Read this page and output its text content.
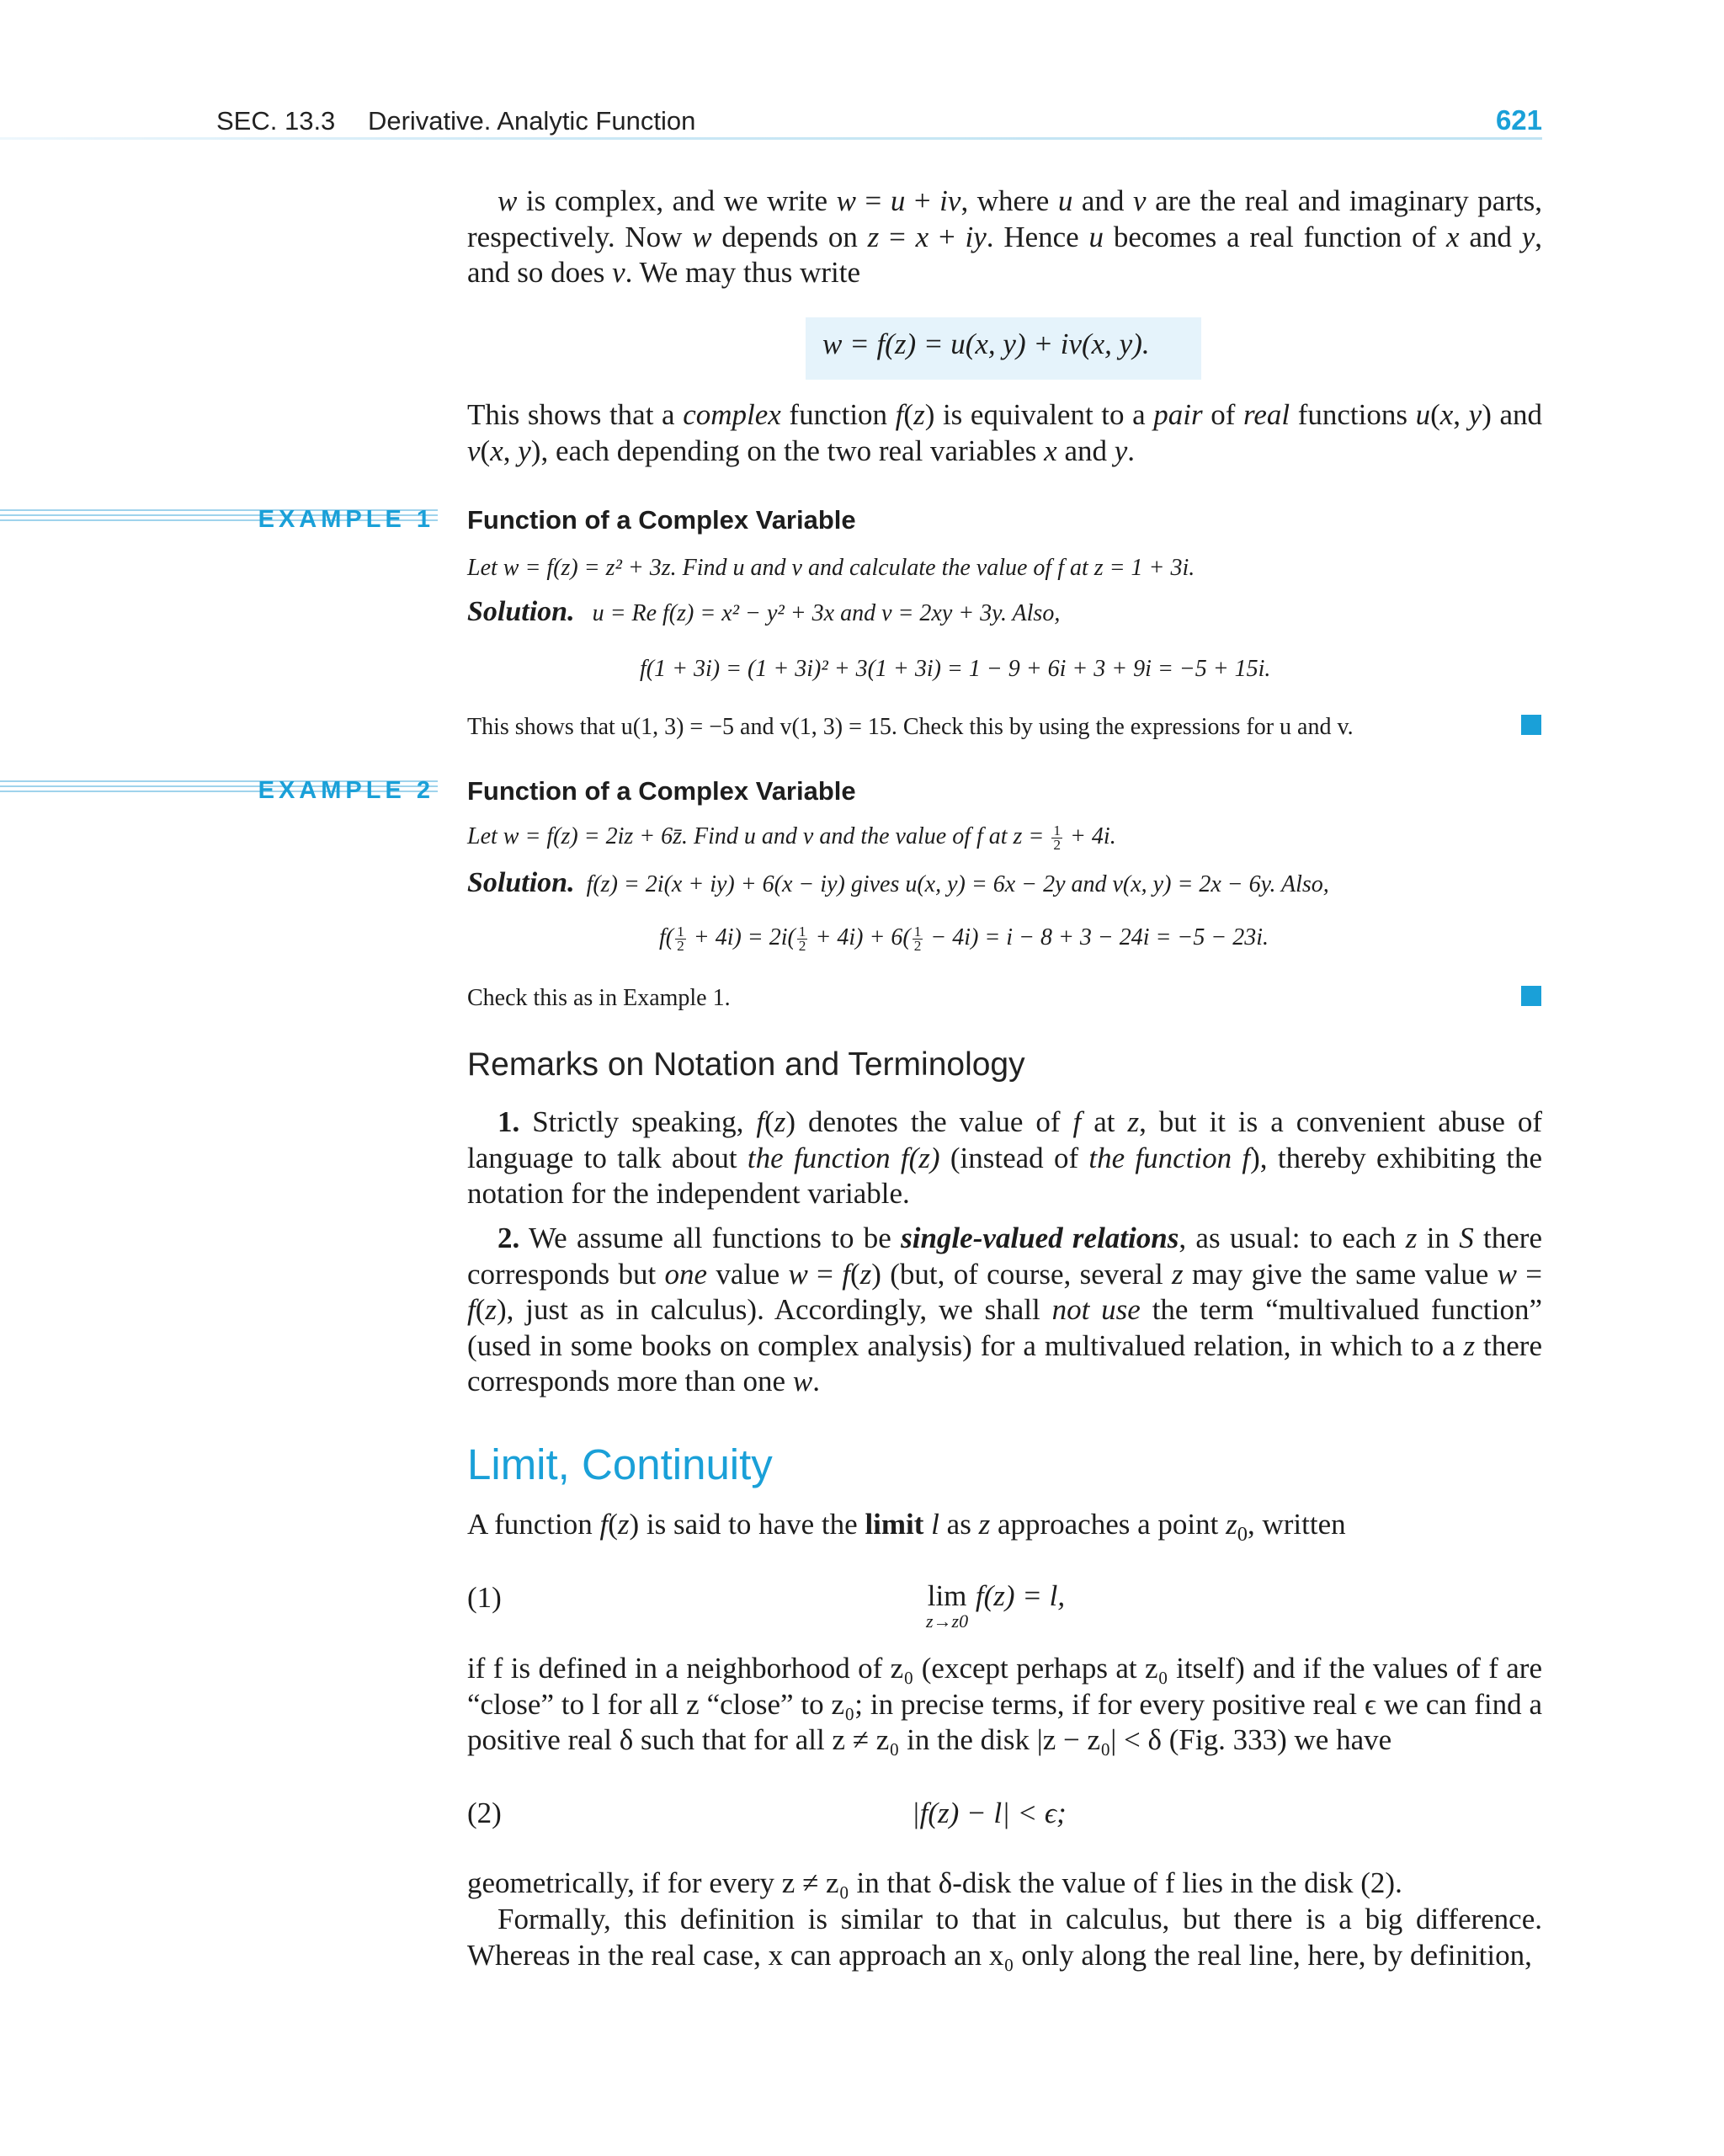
SEC. 13.3 Derivative. Analytic Function	621
w is complex, and we write w = u + iv, where u and v are the real and imaginary parts, respectively. Now w depends on z = x + iy. Hence u becomes a real function of x and y, and so does v. We may thus write
w = f(z) = u(x, y) + iv(x, y).
This shows that a complex function f(z) is equivalent to a pair of real functions u(x, y) and v(x, y), each depending on the two real variables x and y.
EXAMPLE 1 Function of a Complex Variable
Let w = f(z) = z² + 3z. Find u and v and calculate the value of f at z = 1 + 3i.
Solution. u = Re f(z) = x² − y² + 3x and v = 2xy + 3y. Also,
f(1 + 3i) = (1 + 3i)² + 3(1 + 3i) = 1 − 9 + 6i + 3 + 9i = −5 + 15i.
This shows that u(1, 3) = −5 and v(1, 3) = 15. Check this by using the expressions for u and v.
EXAMPLE 2 Function of a Complex Variable
Let w = f(z) = 2iz + 6z̄. Find u and v and the value of f at $z = \frac{1}{2} + 4i$.
Solution. f(z) = 2i(x + iy) + 6(x − iy) gives u(x, y) = 6x − 2y and v(x, y) = 2x − 6y. Also,
$f( \frac{1}{2} + 4i) = 2i( \frac{1}{2} + 4i) + 6( \frac{1}{2} - 4i) = i - 8 + 3 - 24i = -5 - 23i$.
Check this as in Example 1.
Remarks on Notation and Terminology
1. Strictly speaking, f(z) denotes the value of f at z, but it is a convenient abuse of language to talk about the function f(z) (instead of the function f), thereby exhibiting the notation for the independent variable.
2. We assume all functions to be single-valued relations, as usual: to each z in S there corresponds but one value w = f(z) (but, of course, several z may give the same value w = f(z), just as in calculus). Accordingly, we shall not use the term “multivalued function” (used in some books on complex analysis) for a multivalued relation, in which to a z there corresponds more than one w.
Limit, Continuity
A function f(z) is said to have the limit l as z approaches a point $z_0$, written
(1)	lim
z→z0
f(z) = l,
if f is defined in a neighborhood of z₀ (except perhaps at z₀ itself) and if the values of f are “close” to l for all z “close” to z₀; in precise terms, if for every positive real ϵ we can find a positive real δ such that for all z ≠ z₀ in the disk |z − z₀| < δ (Fig. 333) we have
(2)	|f(z) − l| < ϵ;
geometrically, if for every z ≠ z₀ in that δ-disk the value of f lies in the disk (2).
Formally, this definition is similar to that in calculus, but there is a big difference. Whereas in the real case, x can approach an x₀ only along the real line, here, by definition,
